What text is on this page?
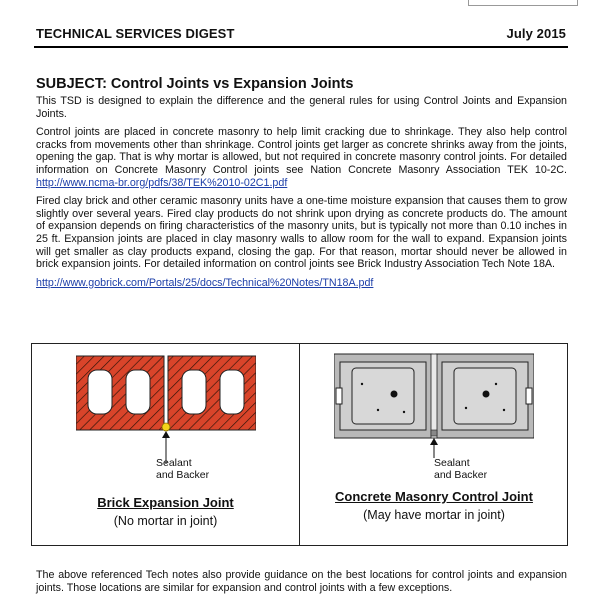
TECHNICAL SERVICES DIGEST	July 2015
SUBJECT: Control Joints vs Expansion Joints

This TSD is designed to explain the difference and the general rules for using Control Joints and Expansion Joints.

Control joints are placed in concrete masonry to help limit cracking due to shrinkage. They also help control cracks from movements other than shrinkage. Control joints get larger as concrete shrinks away from the joints, opening the gap. That is why mortar is allowed, but not required in concrete masonry control joints. For detailed information on Concrete Masonry Control joints see Nation Concrete Masonry Association TEK 10-2C. http://www.ncma-br.org/pdfs/38/TEK%2010-02C1.pdf

Fired clay brick and other ceramic masonry units have a one-time moisture expansion that causes them to grow slightly over several years. Fired clay products do not shrink upon drying as concrete products do. The amount of expansion depends on firing characteristics of the masonry units, but is typically not more than 0.10 inches in 25 ft. Expansion joints are placed in clay masonry walls to allow room for the wall to expand. Expansion joints will get smaller as clay products expand, closing the gap. For that reason, mortar should never be allowed in brick expansion joints. For detailed information on control joints see Brick Industry Association Tech Note 18A.

http://www.gobrick.com/Portals/25/docs/Technical%20Notes/TN18A.pdf

Sealant
and Backer
Brick Expansion Joint
(No mortar in joint)
Sealant
and Backer
Concrete Masonry Control Joint
(May have mortar in joint)
The above referenced Tech notes also provide guidance on the best locations for control joints and expansion joints. Those locations are similar for expansion and control joints with a few exceptions.
